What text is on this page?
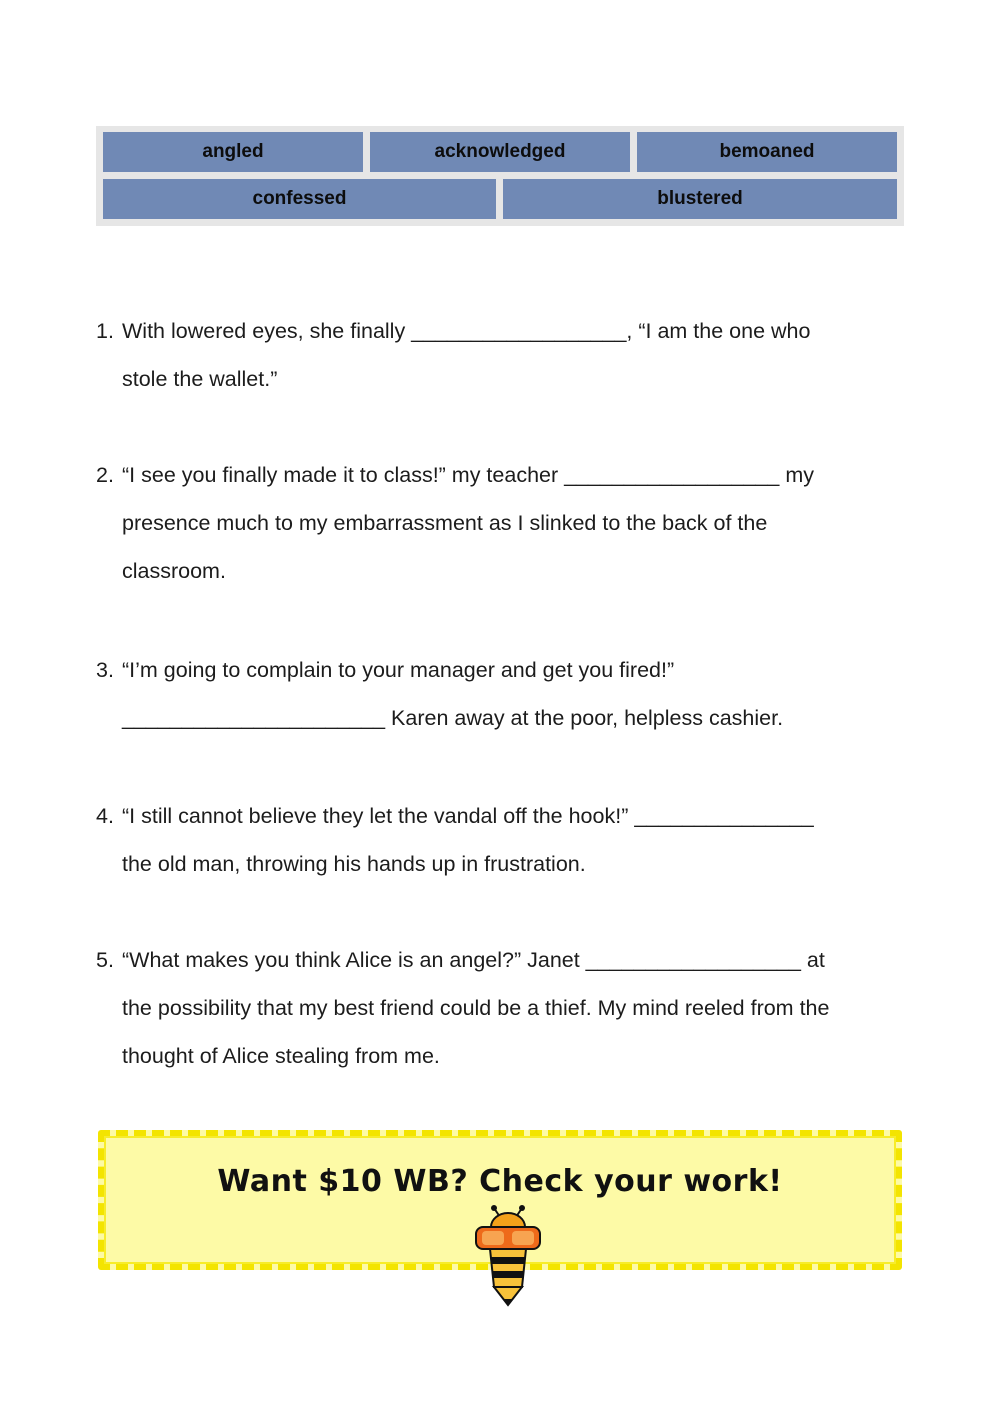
angled	acknowledged	bemoaned
confessed	blustered
1. With lowered eyes, she finally __________________, “I am the one who
stole the wallet.”
2. “I see you finally made it to class!” my teacher __________________ my
presence much to my embarrassment as I slinked to the back of the
classroom.
3. “I’m going to complain to your manager and get you fired!”
______________________ Karen away at the poor, helpless cashier.
4. “I still cannot believe they let the vandal off the hook!” _______________
the old man, throwing his hands up in frustration.
5. “What makes you think Alice is an angel?” Janet __________________ at
the possibility that my best friend could be a thief. My mind reeled from the
thought of Alice stealing from me.
Want $10 WB? Check your work!
